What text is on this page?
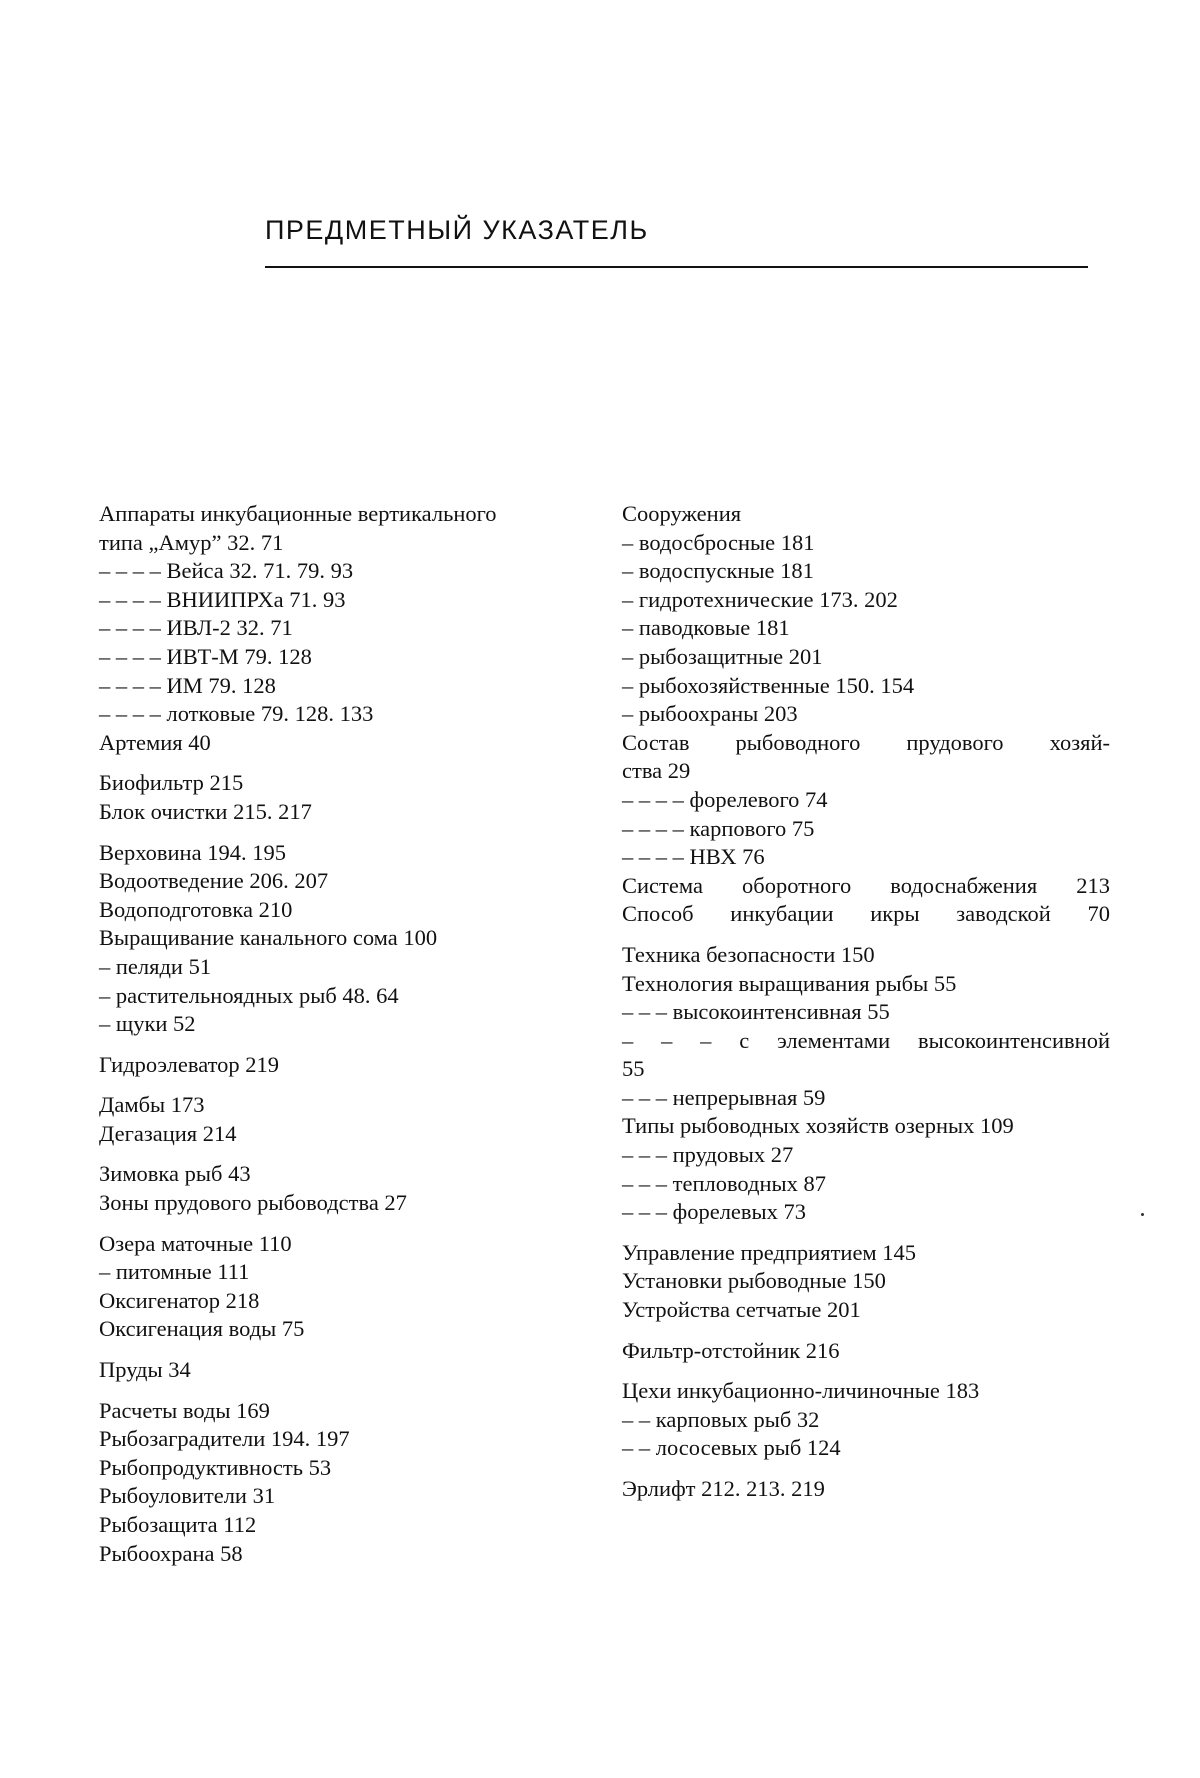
ПРЕДМЕТНЫЙ УКАЗАТЕЛЬ
Аппараты инкубационные вертикального
типа „Амур” 32. 71
– – – – Вейса 32. 71. 79. 93
– – – – ВНИИПРХа 71. 93
– – – – ИВЛ-2 32. 71
– – – – ИВТ-М 79. 128
– – – – ИМ 79. 128
– – – – лотковые 79. 128. 133
Артемия 40
Биофильтр 215
Блок очистки 215. 217
Верховина 194. 195
Водоотведение 206. 207
Водоподготовка 210
Выращивание канального сома 100
– пеляди 51
– растительноядных рыб 48. 64
– щуки 52
Гидроэлеватор 219
Дамбы 173
Дегазация 214
Зимовка рыб 43
Зоны прудового рыбоводства 27
Озера маточные 110
– питомные 111
Оксигенатор 218
Оксигенация воды 75
Пруды 34
Расчеты воды 169
Рыбозаградители 194. 197
Рыбопродуктивность 53
Рыбоуловители 31
Рыбозащита 112
Рыбоохрана 58
Сооружения
– водосбросные 181
– водоспускные 181
– гидротехнические 173. 202
– паводковые 181
– рыбозащитные 201
– рыбохозяйственные 150. 154
– рыбоохраны 203
Состав рыбоводного прудового хозяй-
ства 29
– – – – форелевого 74
– – – – карпового 75
– – – – НВХ 76
Система оборотного водоснабжения 213
Способ инкубации икры заводской 70
Техника безопасности 150
Технология выращивания рыбы 55
– – – высокоинтенсивная 55
– – – с элементами высокоинтенсивной
55
– – – непрерывная 59
Типы рыбоводных хозяйств озерных 109
– – – прудовых 27
– – – тепловодных 87
– – – форелевых 73
Управление предприятием 145
Установки рыбоводные 150
Устройства сетчатые 201
Фильтр-отстойник 216
Цехи инкубационно-личиночные 183
– – карповых рыб 32
– – лососевых рыб 124
Эрлифт 212. 213. 219
